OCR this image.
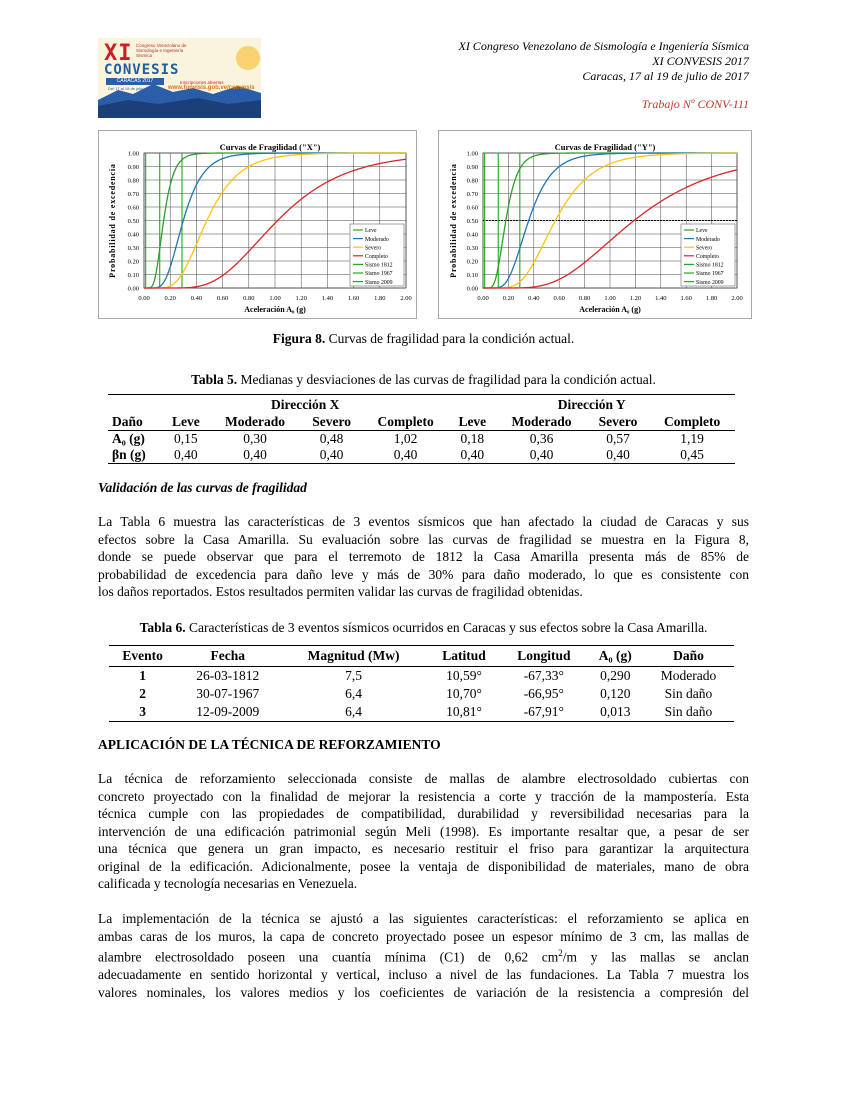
XI Congreso Venezolano de Sismología e Ingeniería Sísmica
CONVESIS
CARACAS 2017
Del 17 al 19 de julio
Inscripciones abiertas
www.funvisis.gob.ve/convesis
XI Congreso Venezolano de Sismología e Ingeniería Sísmica
XI CONVESIS 2017
Caracas, 17 al 19 de julio de 2017
Trabajo Nº CONV-111
0.00
0.10
0.20
0.30
0.40
0.50
0.60
0.70
0.80
0.90
1.00
0.00 0.20 0.40 0.60 0.80 1.00 1.20 1.40 1.60 1.80 2.00
Curvas de Fragilidad ("X")
Aceleración A₀ (g)
Probabilidad de excedencia	Leve
Moderado
Severo
Completo
Sismo 1812
Sismo 1967
Sismo 2009
0.00
0.10
0.20
0.30
0.40
0.50
0.60
0.70
0.80
0.90
1.00
0.00 0.20 0.40 0.60 0.80 1.00 1.20 1.40 1.60 1.80 2.00
Curvas de Fragilidad ("Y")
Aceleración A₀ (g)
Probabilidad de excedencia	Leve
Moderado
Severo
Completo
Sismo 1812
Sismo 1967
Sismo 2009
Figura 8. Curvas de fragilidad para la condición actual.
Tabla 5. Medianas y desviaciones de las curvas de fragilidad para la condición actual.
	Dirección X				Dirección Y			
Daño	Leve	Moderado	Severo	Completo	Leve	Moderado	Severo	Completo
A₀ (g)	0,15	0,30	0,48	1,02	0,18	0,36	0,57	1,19
βn (g)	0,40	0,40	0,40	0,40	0,40	0,40	0,40	0,45
Validación de las curvas de fragilidad
La Tabla 6 muestra las características de 3 eventos sísmicos que han afectado la ciudad de Caracas y sus
efectos sobre la Casa Amarilla. Su evaluación sobre las curvas de fragilidad se muestra en la Figura 8,
donde se puede observar que para el terremoto de 1812 la Casa Amarilla presenta más de 85% de
probabilidad de excedencia para daño leve y más de 30% para daño moderado, lo que es consistente con
los daños reportados. Estos resultados permiten validar las curvas de fragilidad obtenidas.
Tabla 6. Características de 3 eventos sísmicos ocurridos en Caracas y sus efectos sobre la Casa Amarilla.
Evento	Fecha	Magnitud (Mw)	Latitud	Longitud	A₀ (g)	Daño
1	26-03-1812	7,5	10,59°	-67,33°	0,290	Moderado
2	30-07-1967	6,4	10,70°	-66,95°	0,120	Sin daño
3	12-09-2009	6,4	10,81°	-67,91°	0,013	Sin daño
APLICACIÓN DE LA TÉCNICA DE REFORZAMIENTO
La técnica de reforzamiento seleccionada consiste de mallas de alambre electrosoldado cubiertas con
concreto proyectado con la finalidad de mejorar la resistencia a corte y tracción de la mampostería. Esta
técnica cumple con las propiedades de compatibilidad, durabilidad y reversibilidad necesarias para la
intervención de una edificación patrimonial según Meli (1998). Es importante resaltar que, a pesar de ser
una técnica que genera un gran impacto, es necesario restituir el friso para garantizar la arquitectura
original de la edificación. Adicionalmente, posee la ventaja de disponibilidad de materiales, mano de obra
calificada y tecnología necesarias en Venezuela.
La implementación de la técnica se ajustó a las siguientes características: el reforzamiento se aplica en
ambas caras de los muros, la capa de concreto proyectado posee un espesor mínimo de 3 cm, las mallas de
alambre electrosoldado poseen una cuantía mínima (C1) de 0,62 $cm^2/m$ y las mallas se anclan
adecuadamente en sentido horizontal y vertical, incluso a nivel de las fundaciones. La Tabla 7 muestra los
valores nominales, los valores medios y los coeficientes de variación de la resistencia a compresión del
